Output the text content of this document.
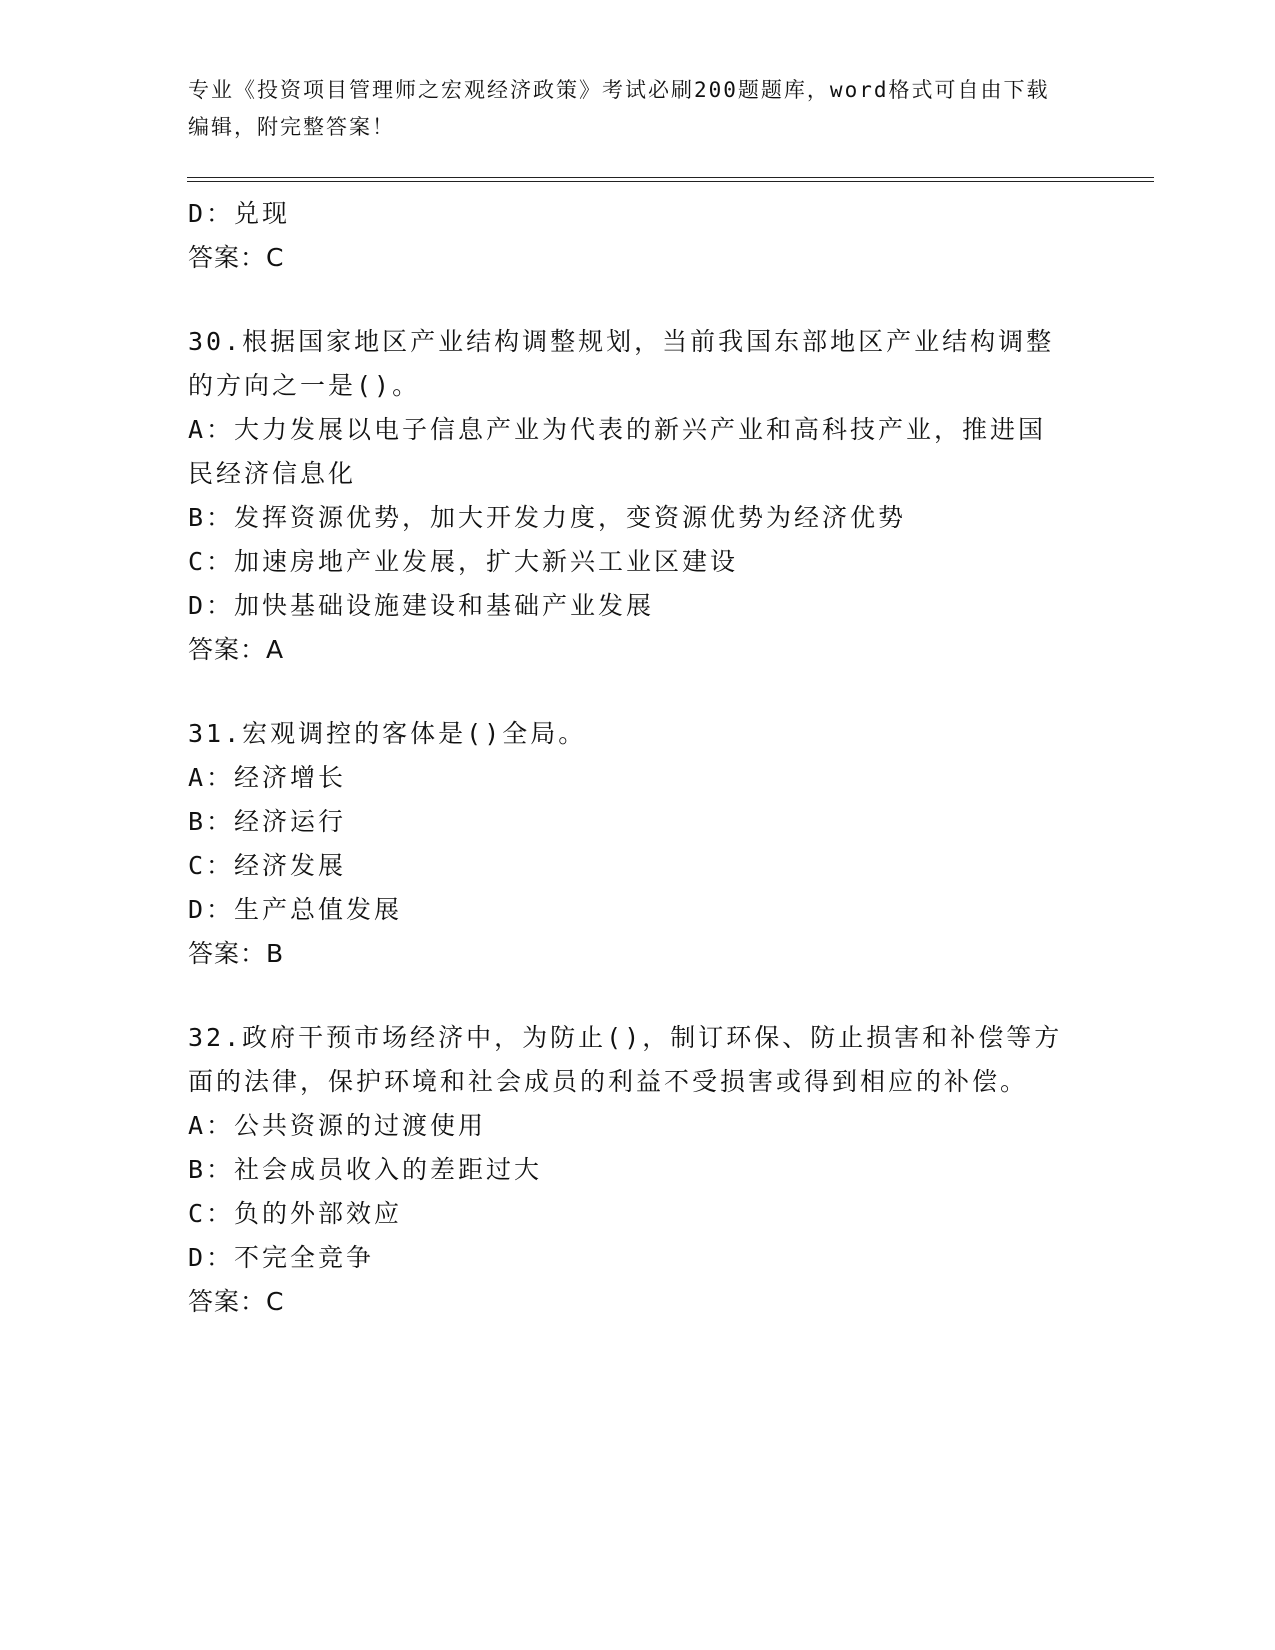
专业《投资项目管理师之宏观经济政策》考试必刷200题题库，word格式可自由下载编辑，附完整答案！
D：兑现
答案：C
30.根据国家地区产业结构调整规划，当前我国东部地区产业结构调整的方向之一是()。
A：大力发展以电子信息产业为代表的新兴产业和高科技产业，推进国民经济信息化
B：发挥资源优势，加大开发力度，变资源优势为经济优势
C：加速房地产业发展，扩大新兴工业区建设
D：加快基础设施建设和基础产业发展
答案：A
31.宏观调控的客体是()全局。
A：经济增长
B：经济运行
C：经济发展
D：生产总值发展
答案：B
32.政府干预市场经济中，为防止()，制订环保、防止损害和补偿等方面的法律，保护环境和社会成员的利益不受损害或得到相应的补偿。
A：公共资源的过渡使用
B：社会成员收入的差距过大
C：负的外部效应
D：不完全竞争
答案：C
